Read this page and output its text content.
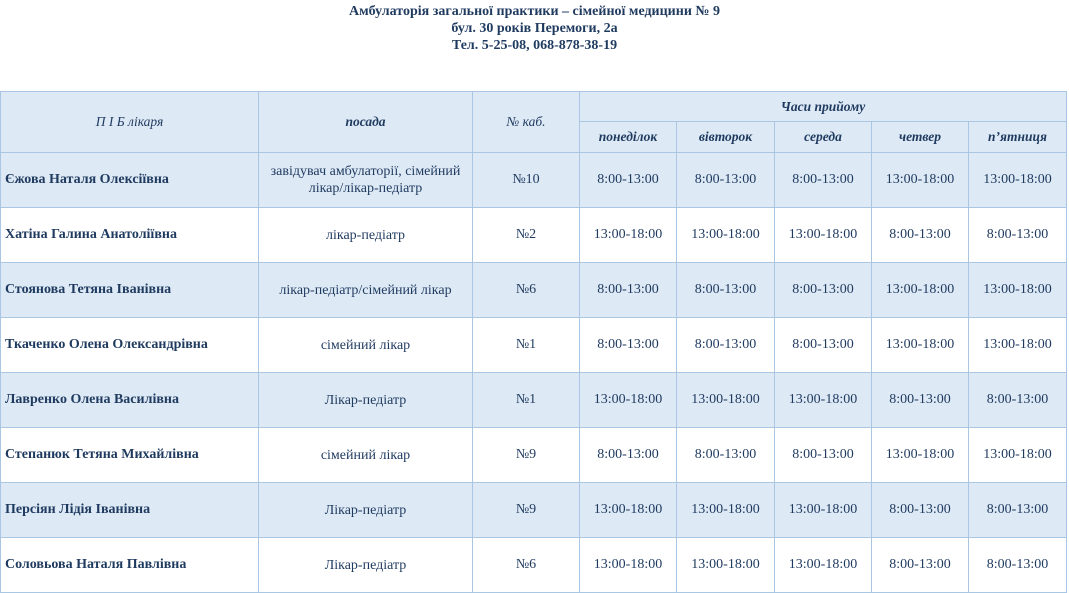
Амбулаторія загальної практики – сімейної медицини № 9
бул. 30 років Перемоги, 2а
Тел. 5-25-08, 068-878-38-19
П І Б лікаря	посада	№ каб.	Часи прийому				
			понеділок	вівторок	середа	четвер	п’ятниця
Єжова Наталя Олексіївна	завідувач амбулаторії, сімейний лікар/лікар-педіатр	№10	8:00-13:00	8:00-13:00	8:00-13:00	13:00-18:00	13:00-18:00
Хатіна Галина Анатоліївна	лікар-педіатр	№2	13:00-18:00	13:00-18:00	13:00-18:00	8:00-13:00	8:00-13:00
Стоянова Тетяна Іванівна	лікар-педіатр/сімейний лікар	№6	8:00-13:00	8:00-13:00	8:00-13:00	13:00-18:00	13:00-18:00
Ткаченко Олена Олександрівна	сімейний лікар	№1	8:00-13:00	8:00-13:00	8:00-13:00	13:00-18:00	13:00-18:00
Лавренко Олена Василівна	Лікар-педіатр	№1	13:00-18:00	13:00-18:00	13:00-18:00	8:00-13:00	8:00-13:00
Степанюк Тетяна Михайлівна	сімейний лікар	№9	8:00-13:00	8:00-13:00	8:00-13:00	13:00-18:00	13:00-18:00
Персіян Лідія Іванівна	Лікар-педіатр	№9	13:00-18:00	13:00-18:00	13:00-18:00	8:00-13:00	8:00-13:00
Соловьова Наталя Павлівна	Лікар-педіатр	№6	13:00-18:00	13:00-18:00	13:00-18:00	8:00-13:00	8:00-13:00
